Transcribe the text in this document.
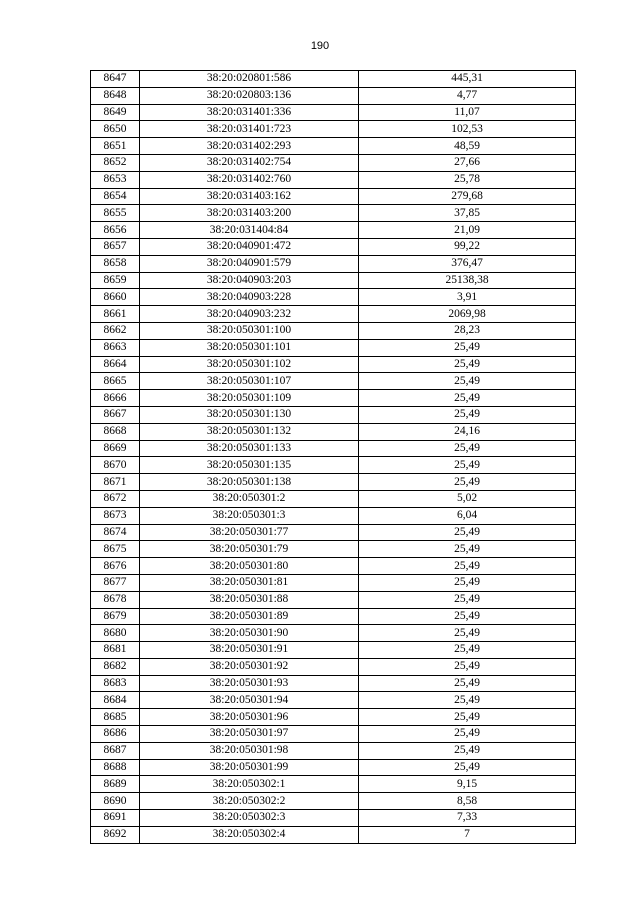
190
8647	38:20:020801:586	445,31
8648	38:20:020803:136	4,77
8649	38:20:031401:336	11,07
8650	38:20:031401:723	102,53
8651	38:20:031402:293	48,59
8652	38:20:031402:754	27,66
8653	38:20:031402:760	25,78
8654	38:20:031403:162	279,68
8655	38:20:031403:200	37,85
8656	38:20:031404:84	21,09
8657	38:20:040901:472	99,22
8658	38:20:040901:579	376,47
8659	38:20:040903:203	25138,38
8660	38:20:040903:228	3,91
8661	38:20:040903:232	2069,98
8662	38:20:050301:100	28,23
8663	38:20:050301:101	25,49
8664	38:20:050301:102	25,49
8665	38:20:050301:107	25,49
8666	38:20:050301:109	25,49
8667	38:20:050301:130	25,49
8668	38:20:050301:132	24,16
8669	38:20:050301:133	25,49
8670	38:20:050301:135	25,49
8671	38:20:050301:138	25,49
8672	38:20:050301:2	5,02
8673	38:20:050301:3	6,04
8674	38:20:050301:77	25,49
8675	38:20:050301:79	25,49
8676	38:20:050301:80	25,49
8677	38:20:050301:81	25,49
8678	38:20:050301:88	25,49
8679	38:20:050301:89	25,49
8680	38:20:050301:90	25,49
8681	38:20:050301:91	25,49
8682	38:20:050301:92	25,49
8683	38:20:050301:93	25,49
8684	38:20:050301:94	25,49
8685	38:20:050301:96	25,49
8686	38:20:050301:97	25,49
8687	38:20:050301:98	25,49
8688	38:20:050301:99	25,49
8689	38:20:050302:1	9,15
8690	38:20:050302:2	8,58
8691	38:20:050302:3	7,33
8692	38:20:050302:4	7
